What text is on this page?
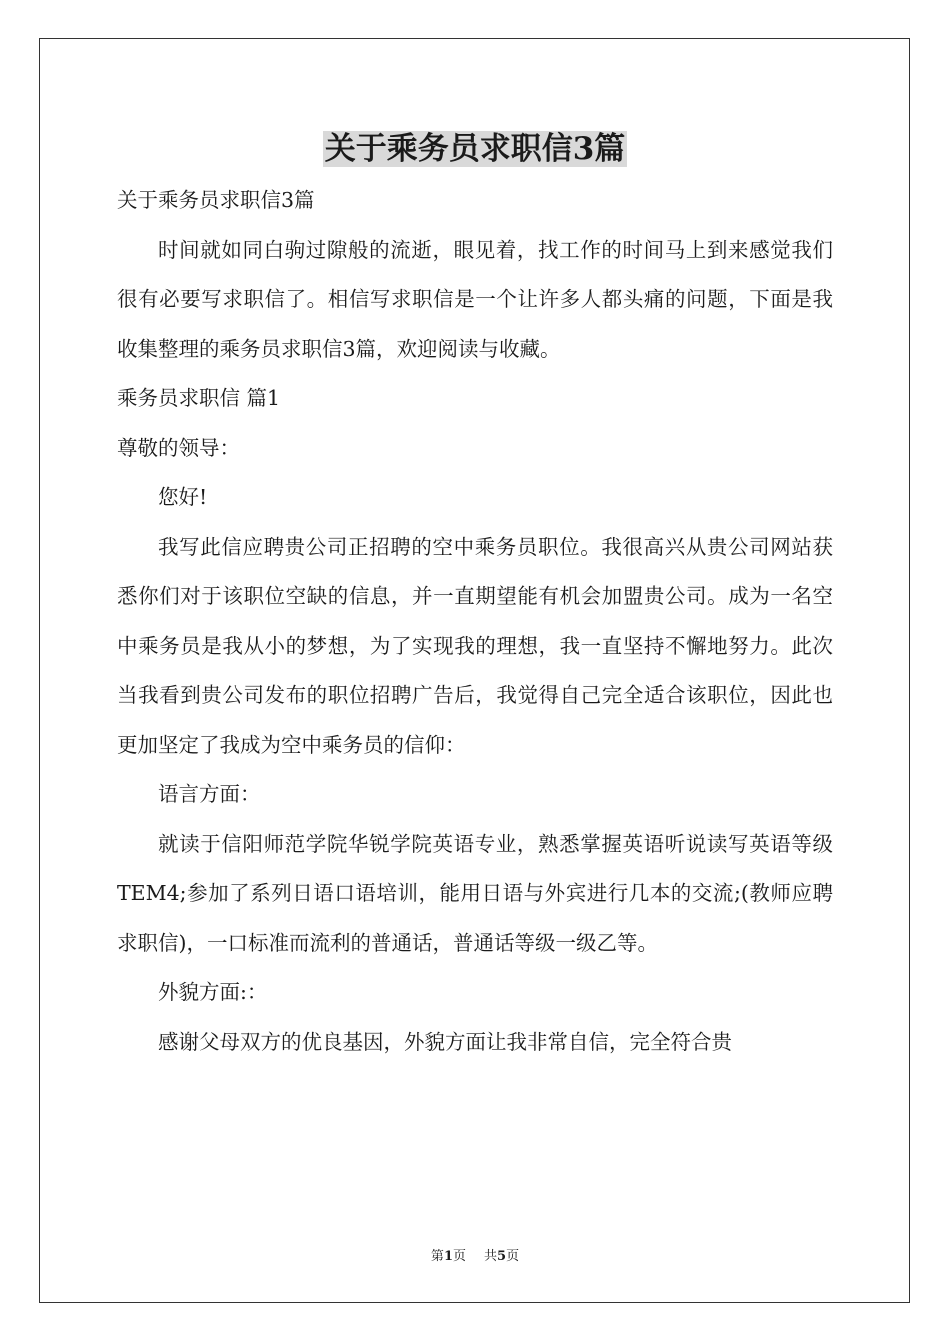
关于乘务员求职信3篇

关于乘务员求职信3篇

时间就如同白驹过隙般的流逝，眼见着，找工作的时间马上到来感觉我们很有必要写求职信了。相信写求职信是一个让许多人都头痛的问题，下面是我收集整理的乘务员求职信3篇，欢迎阅读与收藏。

乘务员求职信 篇1

尊敬的领导：

您好!

我写此信应聘贵公司正招聘的空中乘务员职位。我很高兴从贵公司网站获悉你们对于该职位空缺的信息，并一直期望能有机会加盟贵公司。成为一名空中乘务员是我从小的梦想，为了实现我的理想，我一直坚持不懈地努力。此次当我看到贵公司发布的职位招聘广告后，我觉得自己完全适合该职位，因此也更加坚定了我成为空中乘务员的信仰：

语言方面：

就读于信阳师范学院华锐学院英语专业，熟悉掌握英语听说读写英语等级TEM4;参加了系列日语口语培训，能用日语与外宾进行几本的交流;(教师应聘求职信)，一口标准而流利的普通话，普通话等级一级乙等。

外貌方面:：

感谢父母双方的优良基因，外貌方面让我非常自信，完全符合贵

第1页 共5页
